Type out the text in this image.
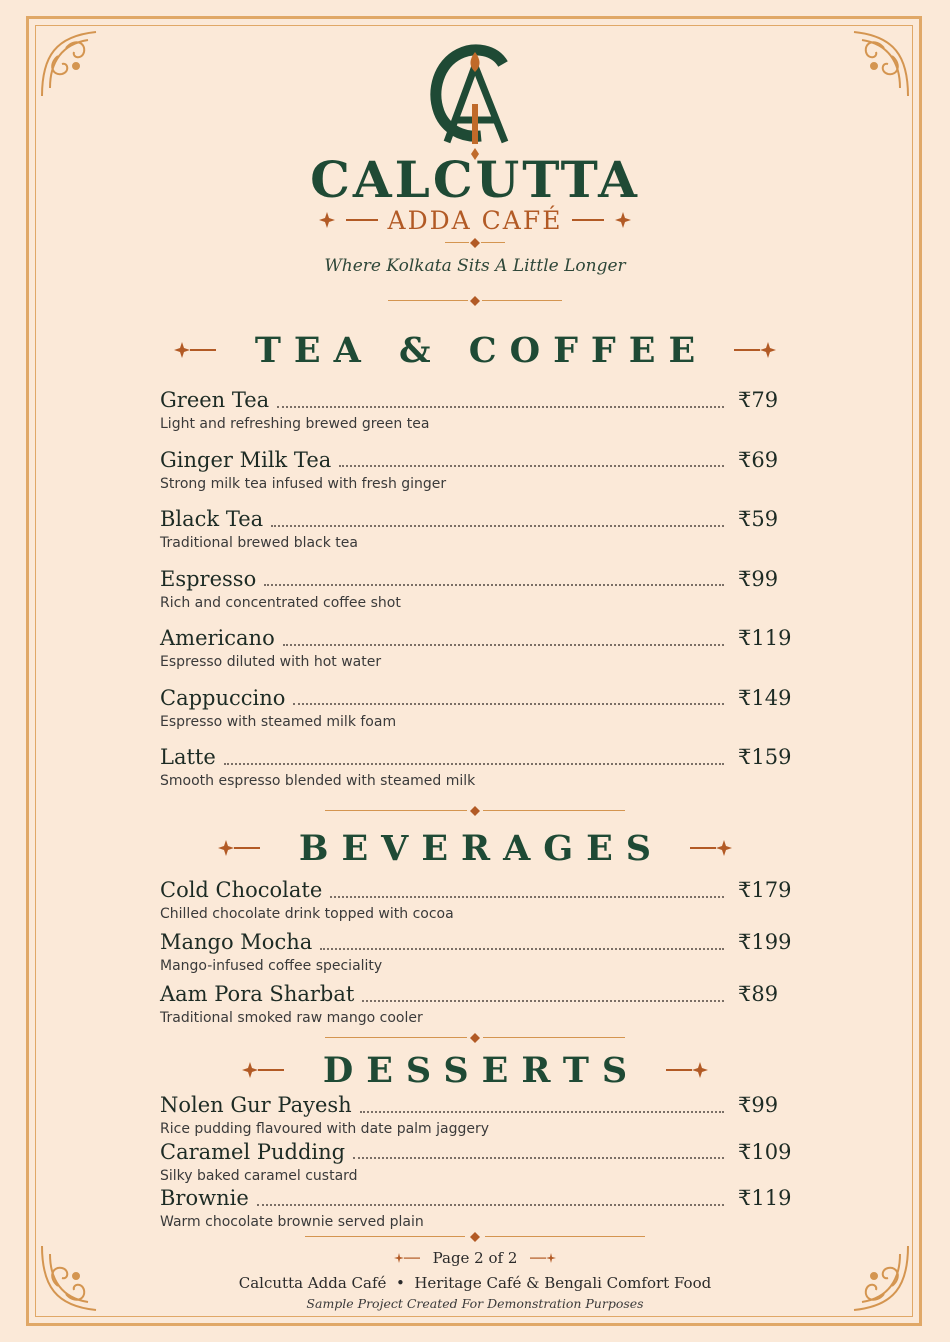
CALCUTTA
ADDA CAFÉ
Where Kolkata Sits A Little Longer
TEA & COFFEE
Green Tea	₹79
Light and refreshing brewed green tea
Ginger Milk Tea	₹69
Strong milk tea infused with fresh ginger
Black Tea	₹59
Traditional brewed black tea
Espresso	₹99
Rich and concentrated coffee shot
Americano	₹119
Espresso diluted with hot water
Cappuccino	₹149
Espresso with steamed milk foam
Latte	₹159
Smooth espresso blended with steamed milk
BEVERAGES
Cold Chocolate	₹179
Chilled chocolate drink topped with cocoa
Mango Mocha	₹199
Mango-infused coffee speciality
Aam Pora Sharbat	₹89
Traditional smoked raw mango cooler
DESSERTS
Nolen Gur Payesh	₹99
Rice pudding flavoured with date palm jaggery
Caramel Pudding	₹109
Silky baked caramel custard
Brownie	₹119
Warm chocolate brownie served plain
Page 2 of 2
Calcutta Adda Café  •  Heritage Café & Bengali Comfort Food
Sample Project Created For Demonstration Purposes
